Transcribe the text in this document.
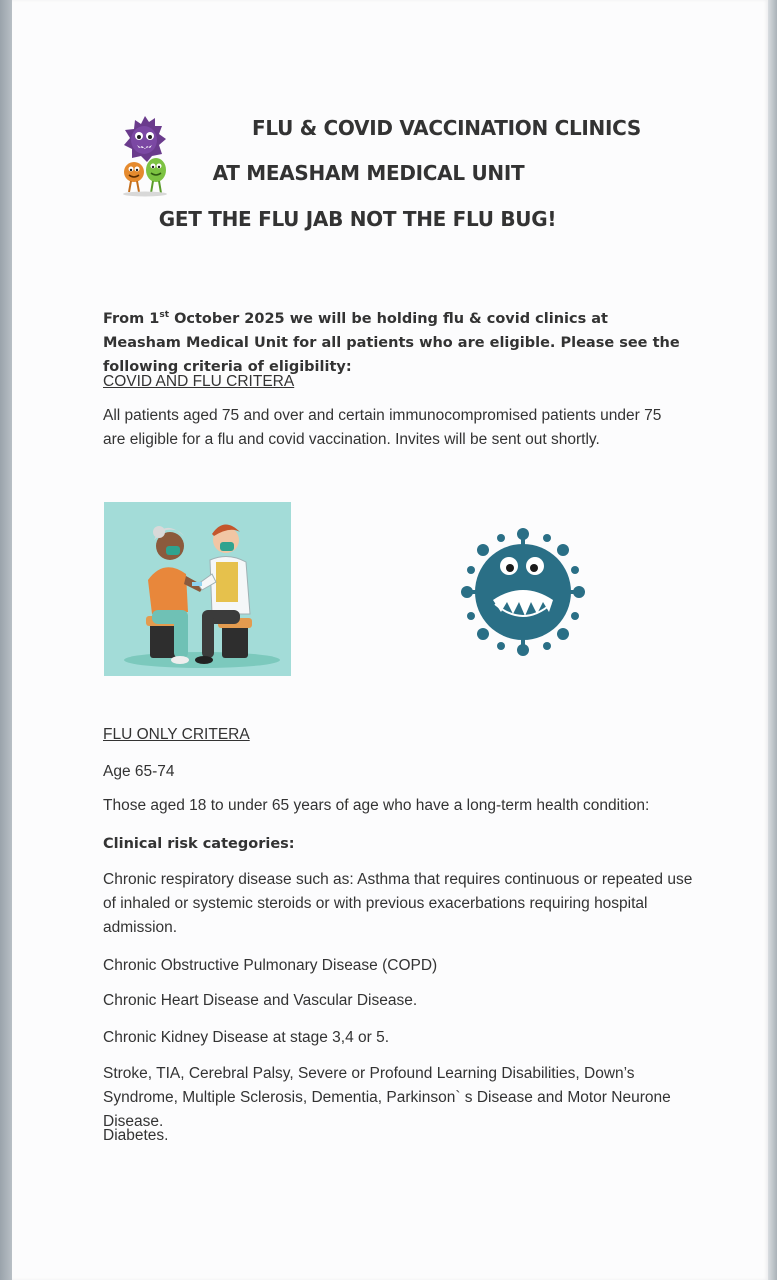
FLU & COVID VACCINATION CLINICS
AT MEASHAM MEDICAL UNIT
GET THE FLU JAB NOT THE FLU BUG!
From 1st October 2025 we will be holding flu & covid clinics at Measham Medical Unit for all patients who are eligible. Please see the following criteria of eligibility:
COVID AND FLU CRITERA
All patients aged 75 and over and certain immunocompromised patients under 75 are eligible for a flu and covid vaccination. Invites will be sent out shortly.
FLU ONLY CRITERA
Age 65-74
Those aged 18 to under 65 years of age who have a long-term health condition:
Clinical risk categories:
Chronic respiratory disease such as: Asthma that requires continuous or repeated use of inhaled or systemic steroids or with previous exacerbations requiring hospital admission.
Chronic Obstructive Pulmonary Disease (COPD)
Chronic Heart Disease and Vascular Disease.
Chronic Kidney Disease at stage 3,4 or 5.
Stroke, TIA, Cerebral Palsy, Severe or Profound Learning Disabilities, Down’s Syndrome, Multiple Sclerosis, Dementia, Parkinson` s Disease and Motor Neurone Disease.
Diabetes.
